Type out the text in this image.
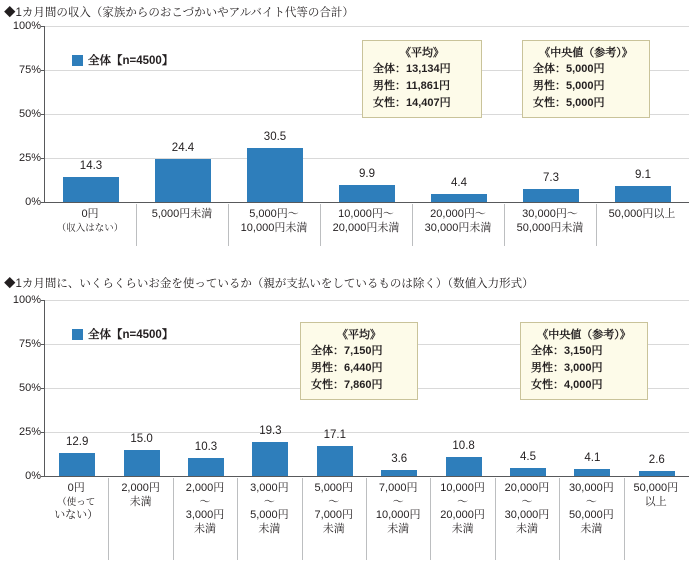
◆1カ月間の収入（家族からのおこづかいやアルバイト代等の合計）
0%
25%
50%
75%
100%
14.3
24.4
30.5
9.9
4.4	7.3	9.1
◆1カ月間に、いくらくらいお金を使っているか（親が支払いをしているものは除く）（数値入力形式）
0%
25%
50%
75%
100%
12.9	15.0
10.3
19.3	17.1
3.6
10.8
4.5	4.1	2.6
0円
（収入はない）
5,000円未満	5,000円～
10,000円未満
10,000円～
20,000円未満
20,000円～
30,000円未満
30,000円～
50,000円未満
50,000円以上
全体【n=4500】
《平均》
全体：13,134円
男性：11,861円
女性：14,407円
《中央値（参考）》
全体：5,000円
男性：5,000円
女性：5,000円
0円
（使って
いない）
2,000円
未満
2,000円
～
3,000円
未満
3,000円
～
5,000円
未満
5,000円
～
7,000円
未満
7,000円
～
10,000円
未満
10,000円
～
20,000円
未満
20,000円
～
30,000円
未満
30,000円
～
50,000円
未満
50,000円
以上
全体【n=4500】	《平均》
全体：7,150円
男性：6,440円
女性：7,860円
《中央値（参考）》
全体：3,150円
男性：3,000円
女性：4,000円
